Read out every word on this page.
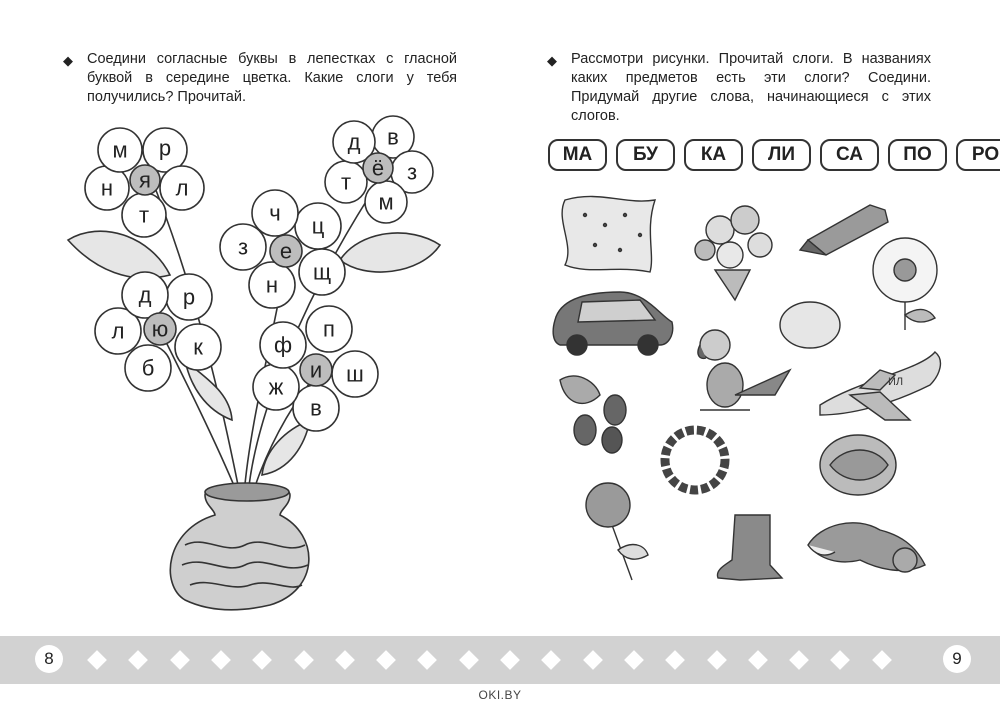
◆ Соедини согласные буквы в лепестках с гласной буквой в середине цветка. Какие слоги у тебя получились? Прочитай.

◆ Рассмотри рисунки. Прочитай слоги. В названиях каких предметов есть эти слоги? Соедини. Придумай другие слова, начинающиеся с этих слогов.

МА	БУ	КА	ЛИ	СА	ПО	РО
я
р
л
т
н
м
ё
в
з
м
т
д
е
ц
щ
н
з
ч
ю
р
к
б
л
д
и
п
ш
в
ж
ф
ИЛ
8	9
OKI.BY
